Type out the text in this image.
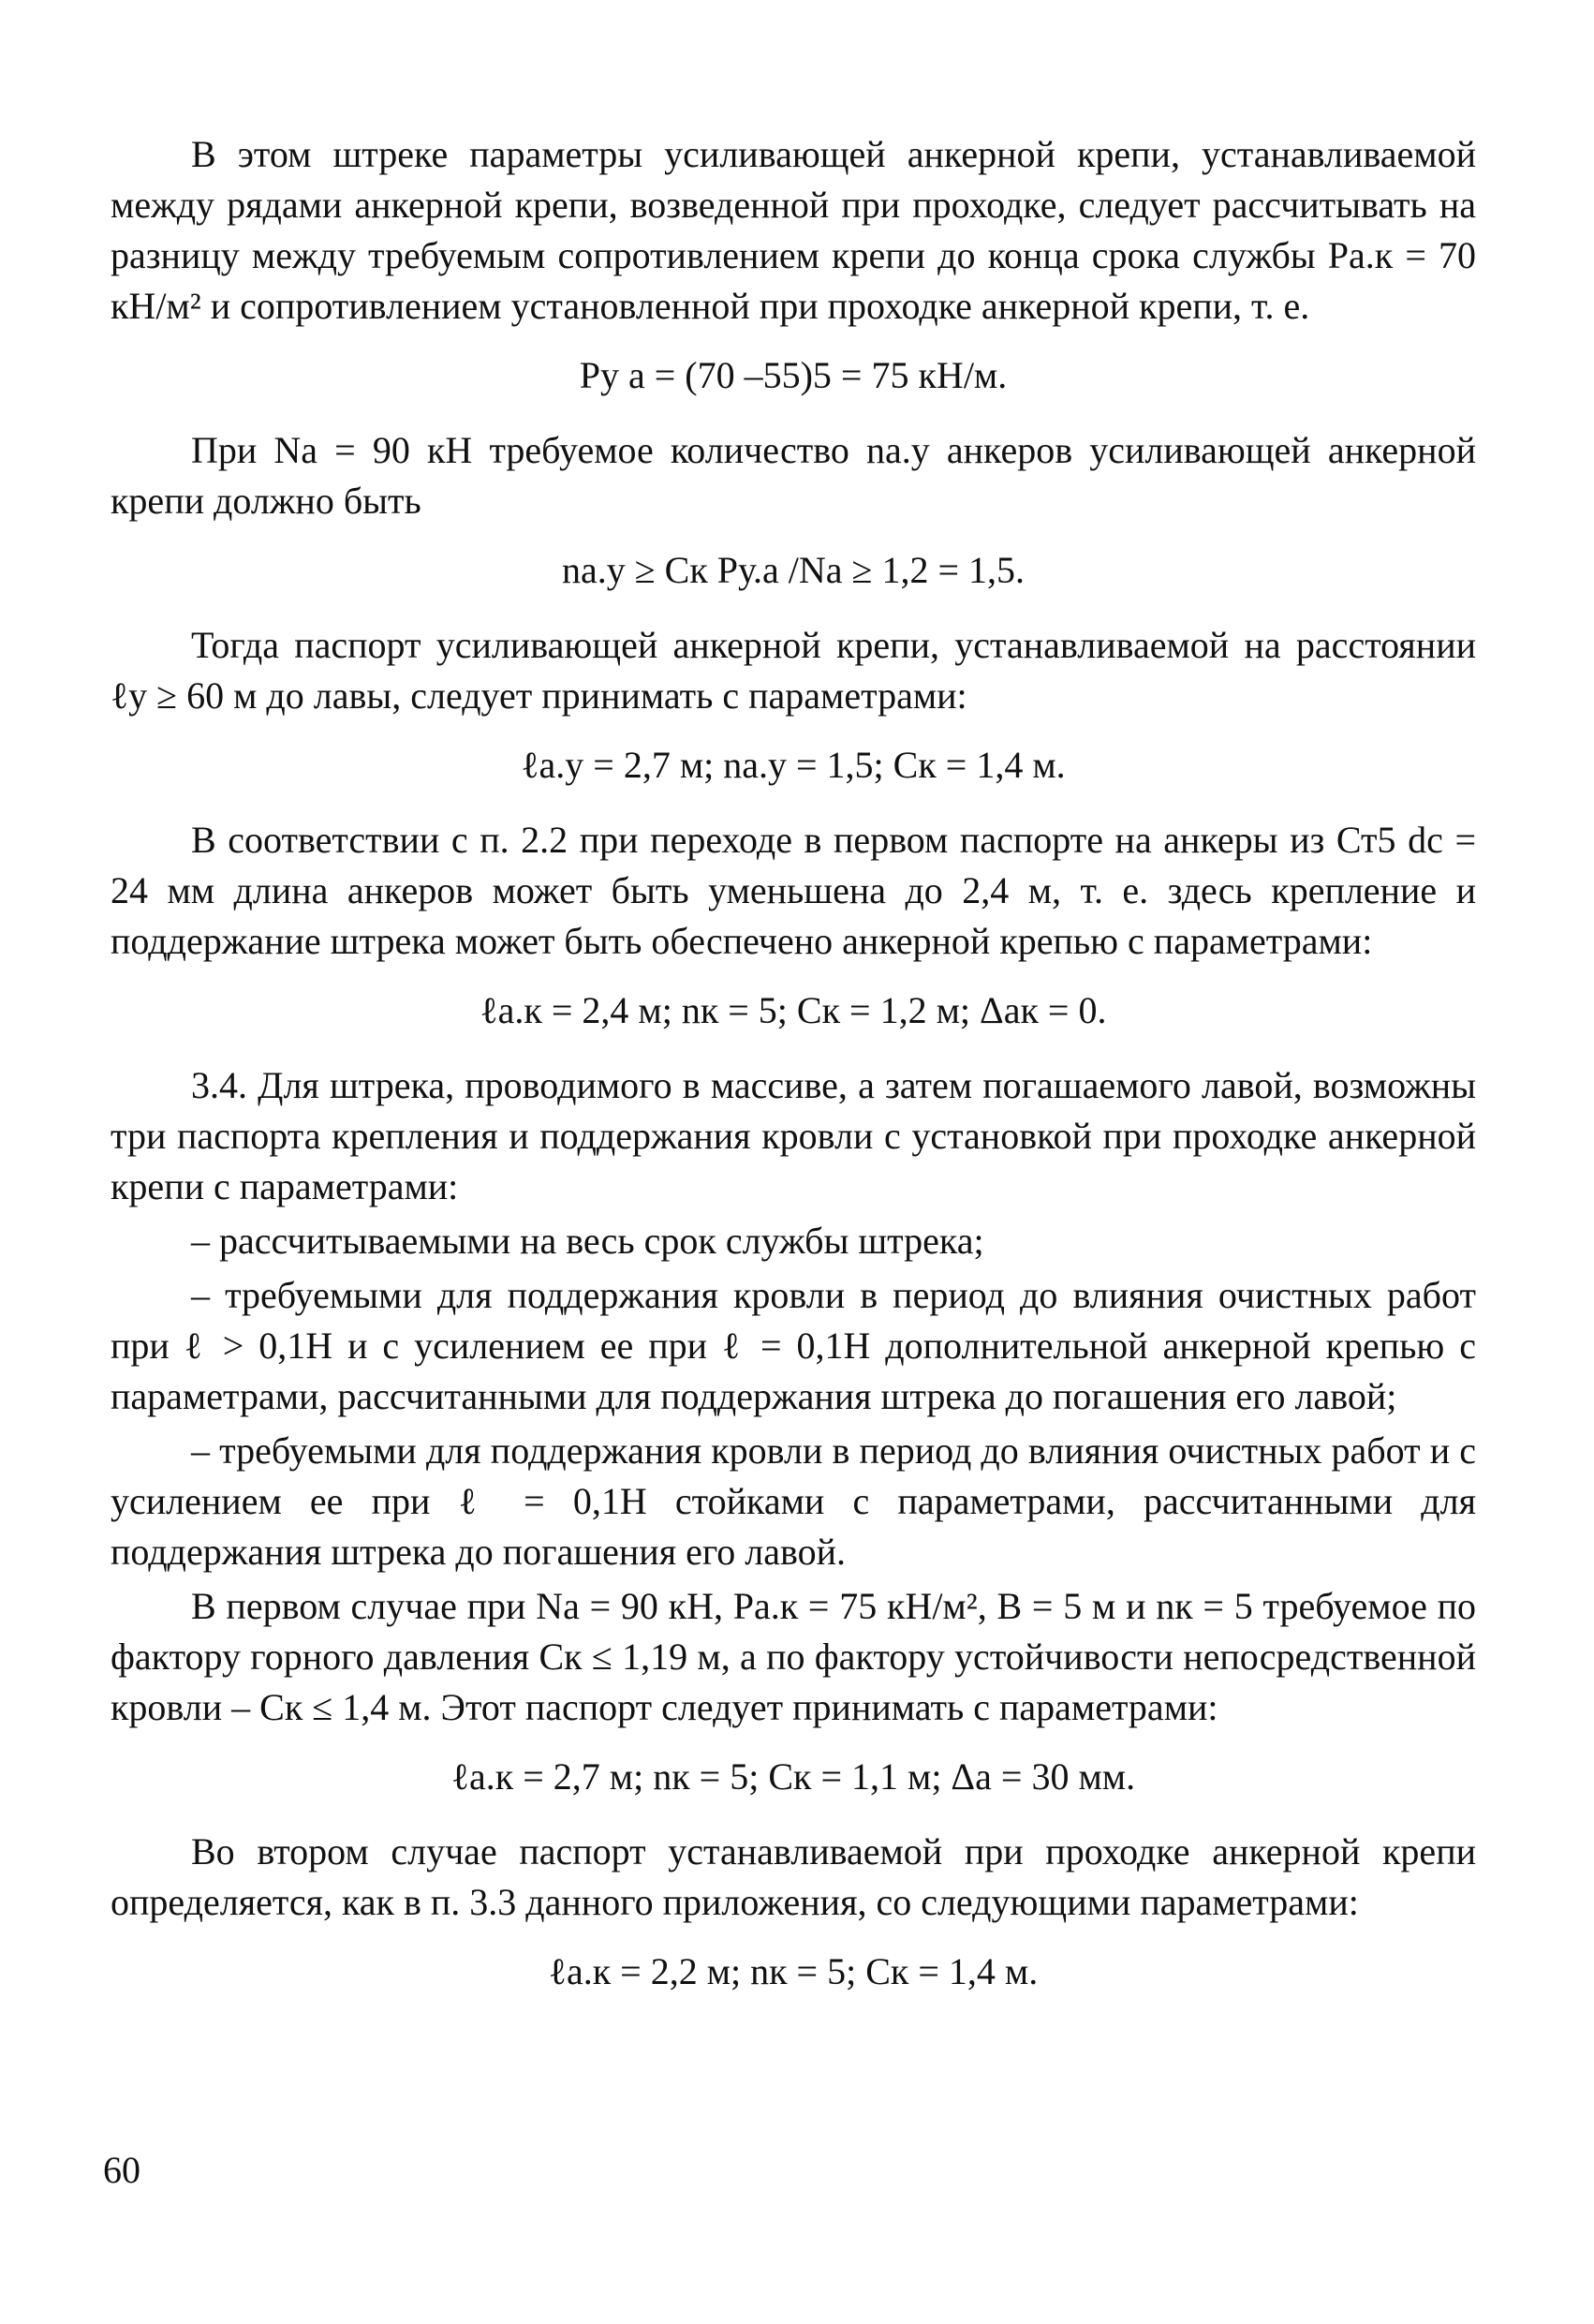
В этом штреке параметры усиливающей анкерной крепи, устанавливаемой между рядами анкерной крепи, возведенной при проходке, следует рассчитывать на разницу между требуемым сопротивлением крепи до конца срока службы Pа.к = 70 кН/м² и сопротивлением установленной при проходке анкерной крепи, т. е.

Pу а = (70 –55)5 = 75 кН/м.

При Nа = 90 кН требуемое количество nа.у анкеров усиливающей анкерной крепи должно быть

nа.у ≥ Cк Pу.а /Nа ≥ 1,2 = 1,5.

Тогда паспорт усиливающей анкерной крепи, устанавливаемой на расстоянии ℓу ≥ 60 м до лавы, следует принимать с параметрами:

ℓа.у = 2,7 м; nа.у = 1,5; Cк = 1,4 м.

В соответствии с п. 2.2 при переходе в первом паспорте на анкеры из Ст5 dc = 24 мм длина анкеров может быть уменьшена до 2,4 м, т. е. здесь крепление и поддержание штрека может быть обеспечено анкерной крепью с параметрами:

ℓа.к = 2,4 м; nк = 5; Cк = 1,2 м; Δак = 0.

3.4. Для штрека, проводимого в массиве, а затем погашаемого лавой, возможны три паспорта крепления и поддержания кровли с установкой при проходке анкерной крепи с параметрами:

– рассчитываемыми на весь срок службы штрека;

– требуемыми для поддержания кровли в период до влияния очистных работ при ℓ > 0,1H и с усилением ее при ℓ = 0,1H дополнительной анкерной крепью с параметрами, рассчитанными для поддержания штрека до погашения его лавой;

– требуемыми для поддержания кровли в период до влияния очистных работ и с усилением ее при ℓ = 0,1H стойками с параметрами, рассчитанными для поддержания штрека до погашения его лавой.

В первом случае при Nа = 90 кН, Pа.к = 75 кН/м², B = 5 м и nк = 5 требуемое по фактору горного давления Cк ≤ 1,19 м, а по фактору устойчивости непосредственной кровли – Cк ≤ 1,4 м. Этот паспорт следует принимать с параметрами:

ℓа.к = 2,7 м; nк = 5; Cк = 1,1 м; Δа = 30 мм.

Во втором случае паспорт устанавливаемой при проходке анкерной крепи определяется, как в п. 3.3 данного приложения, со следующими параметрами:

ℓа.к = 2,2 м; nк = 5; Cк = 1,4 м.

60
